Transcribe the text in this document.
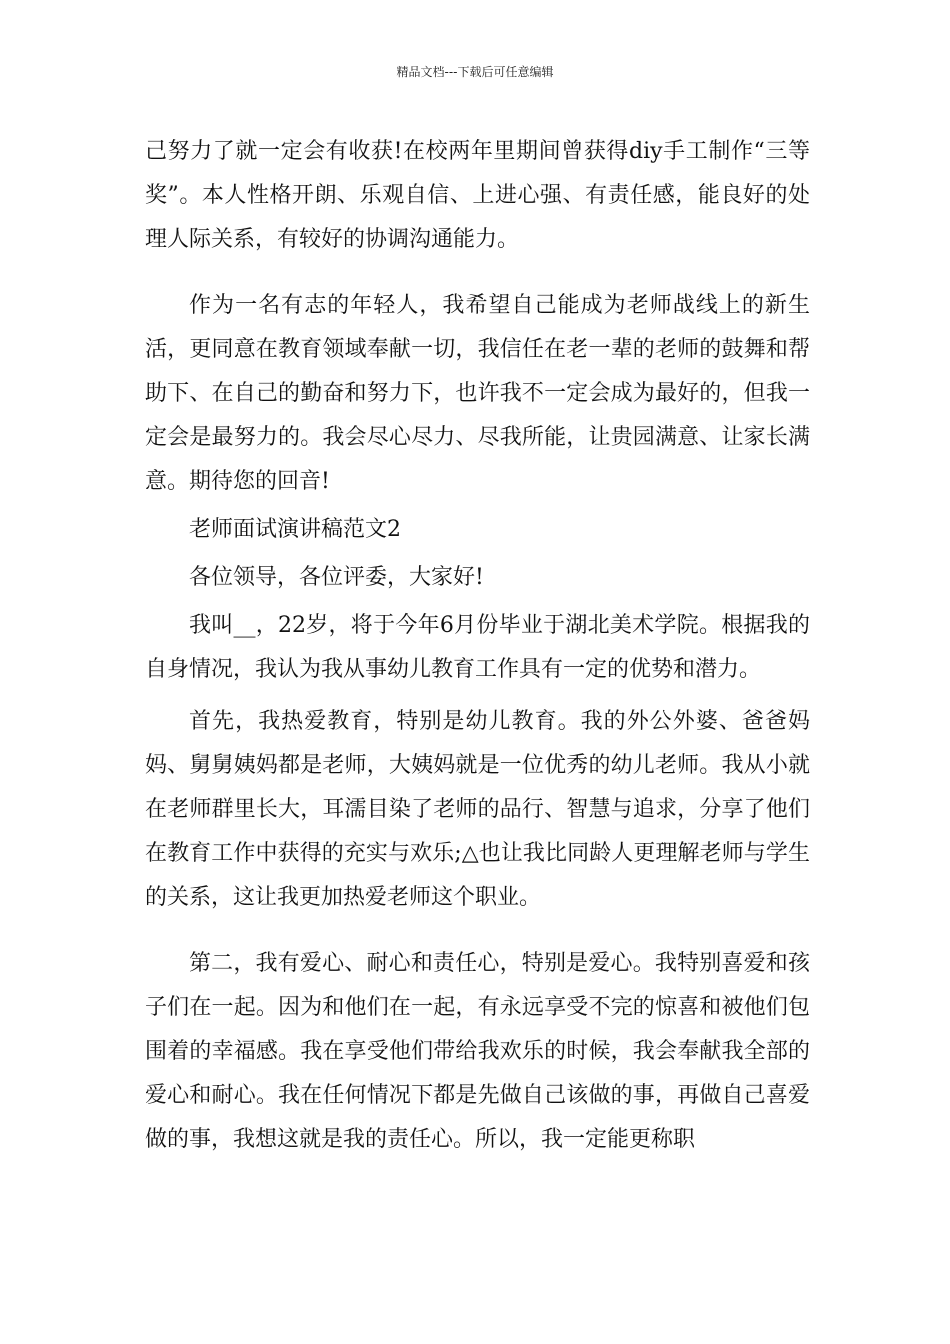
精品文档---下载后可任意编辑

己努力了就一定会有收获!在校两年里期间曾获得diy手工制作“三等奖”。本人性格开朗、乐观自信、上进心强、有责任感，能良好的处理人际关系，有较好的协调沟通能力。

作为一名有志的年轻人，我希望自己能成为老师战线上的新生活，更同意在教育领域奉献一切，我信任在老一辈的老师的鼓舞和帮助下、在自己的勤奋和努力下，也许我不一定会成为最好的，但我一定会是最努力的。我会尽心尽力、尽我所能，让贵园满意、让家长满意。期待您的回音!

老师面试演讲稿范文2

各位领导，各位评委，大家好!

我叫__，22岁，将于今年6月份毕业于湖北美术学院。根据我的自身情况，我认为我从事幼儿教育工作具有一定的优势和潜力。

首先，我热爱教育，特别是幼儿教育。我的外公外婆、爸爸妈妈、舅舅姨妈都是老师，大姨妈就是一位优秀的幼儿老师。我从小就在老师群里长大，耳濡目染了老师的品行、智慧与追求，分享了他们在教育工作中获得的充实与欢乐;△也让我比同龄人更理解老师与学生的关系，这让我更加热爱老师这个职业。

第二，我有爱心、耐心和责任心，特别是爱心。我特别喜爱和孩子们在一起。因为和他们在一起，有永远享受不完的惊喜和被他们包围着的幸福感。我在享受他们带给我欢乐的时候，我会奉献我全部的爱心和耐心。我在任何情况下都是先做自己该做的事，再做自己喜爱做的事，我想这就是我的责任心。所以，我一定能更称职
